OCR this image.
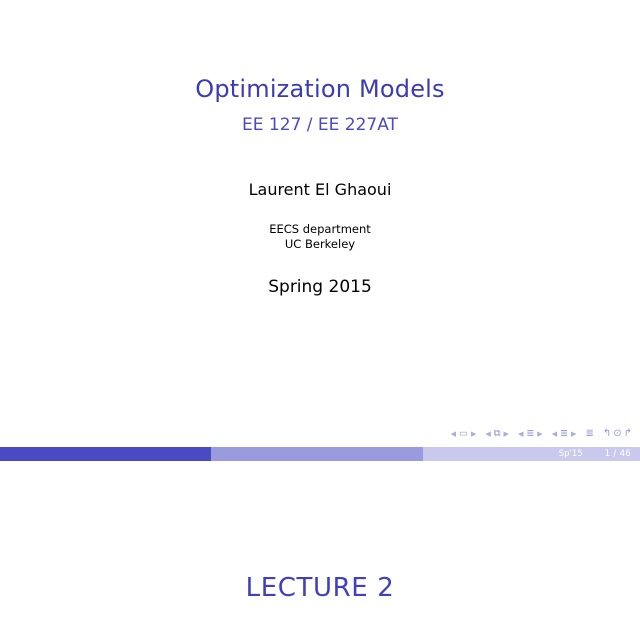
Optimization Models
EE 127 / EE 227AT
Laurent El Ghaoui
EECS department
UC Berkeley
Spring 2015
◀ ▭ ▶ ◀ ⧉ ▶ ◀ ≣ ▶ ◀ ≣ ▶ ≣ ↰ ⊙ ↱
Sp'15	1 / 46
LECTURE 2
